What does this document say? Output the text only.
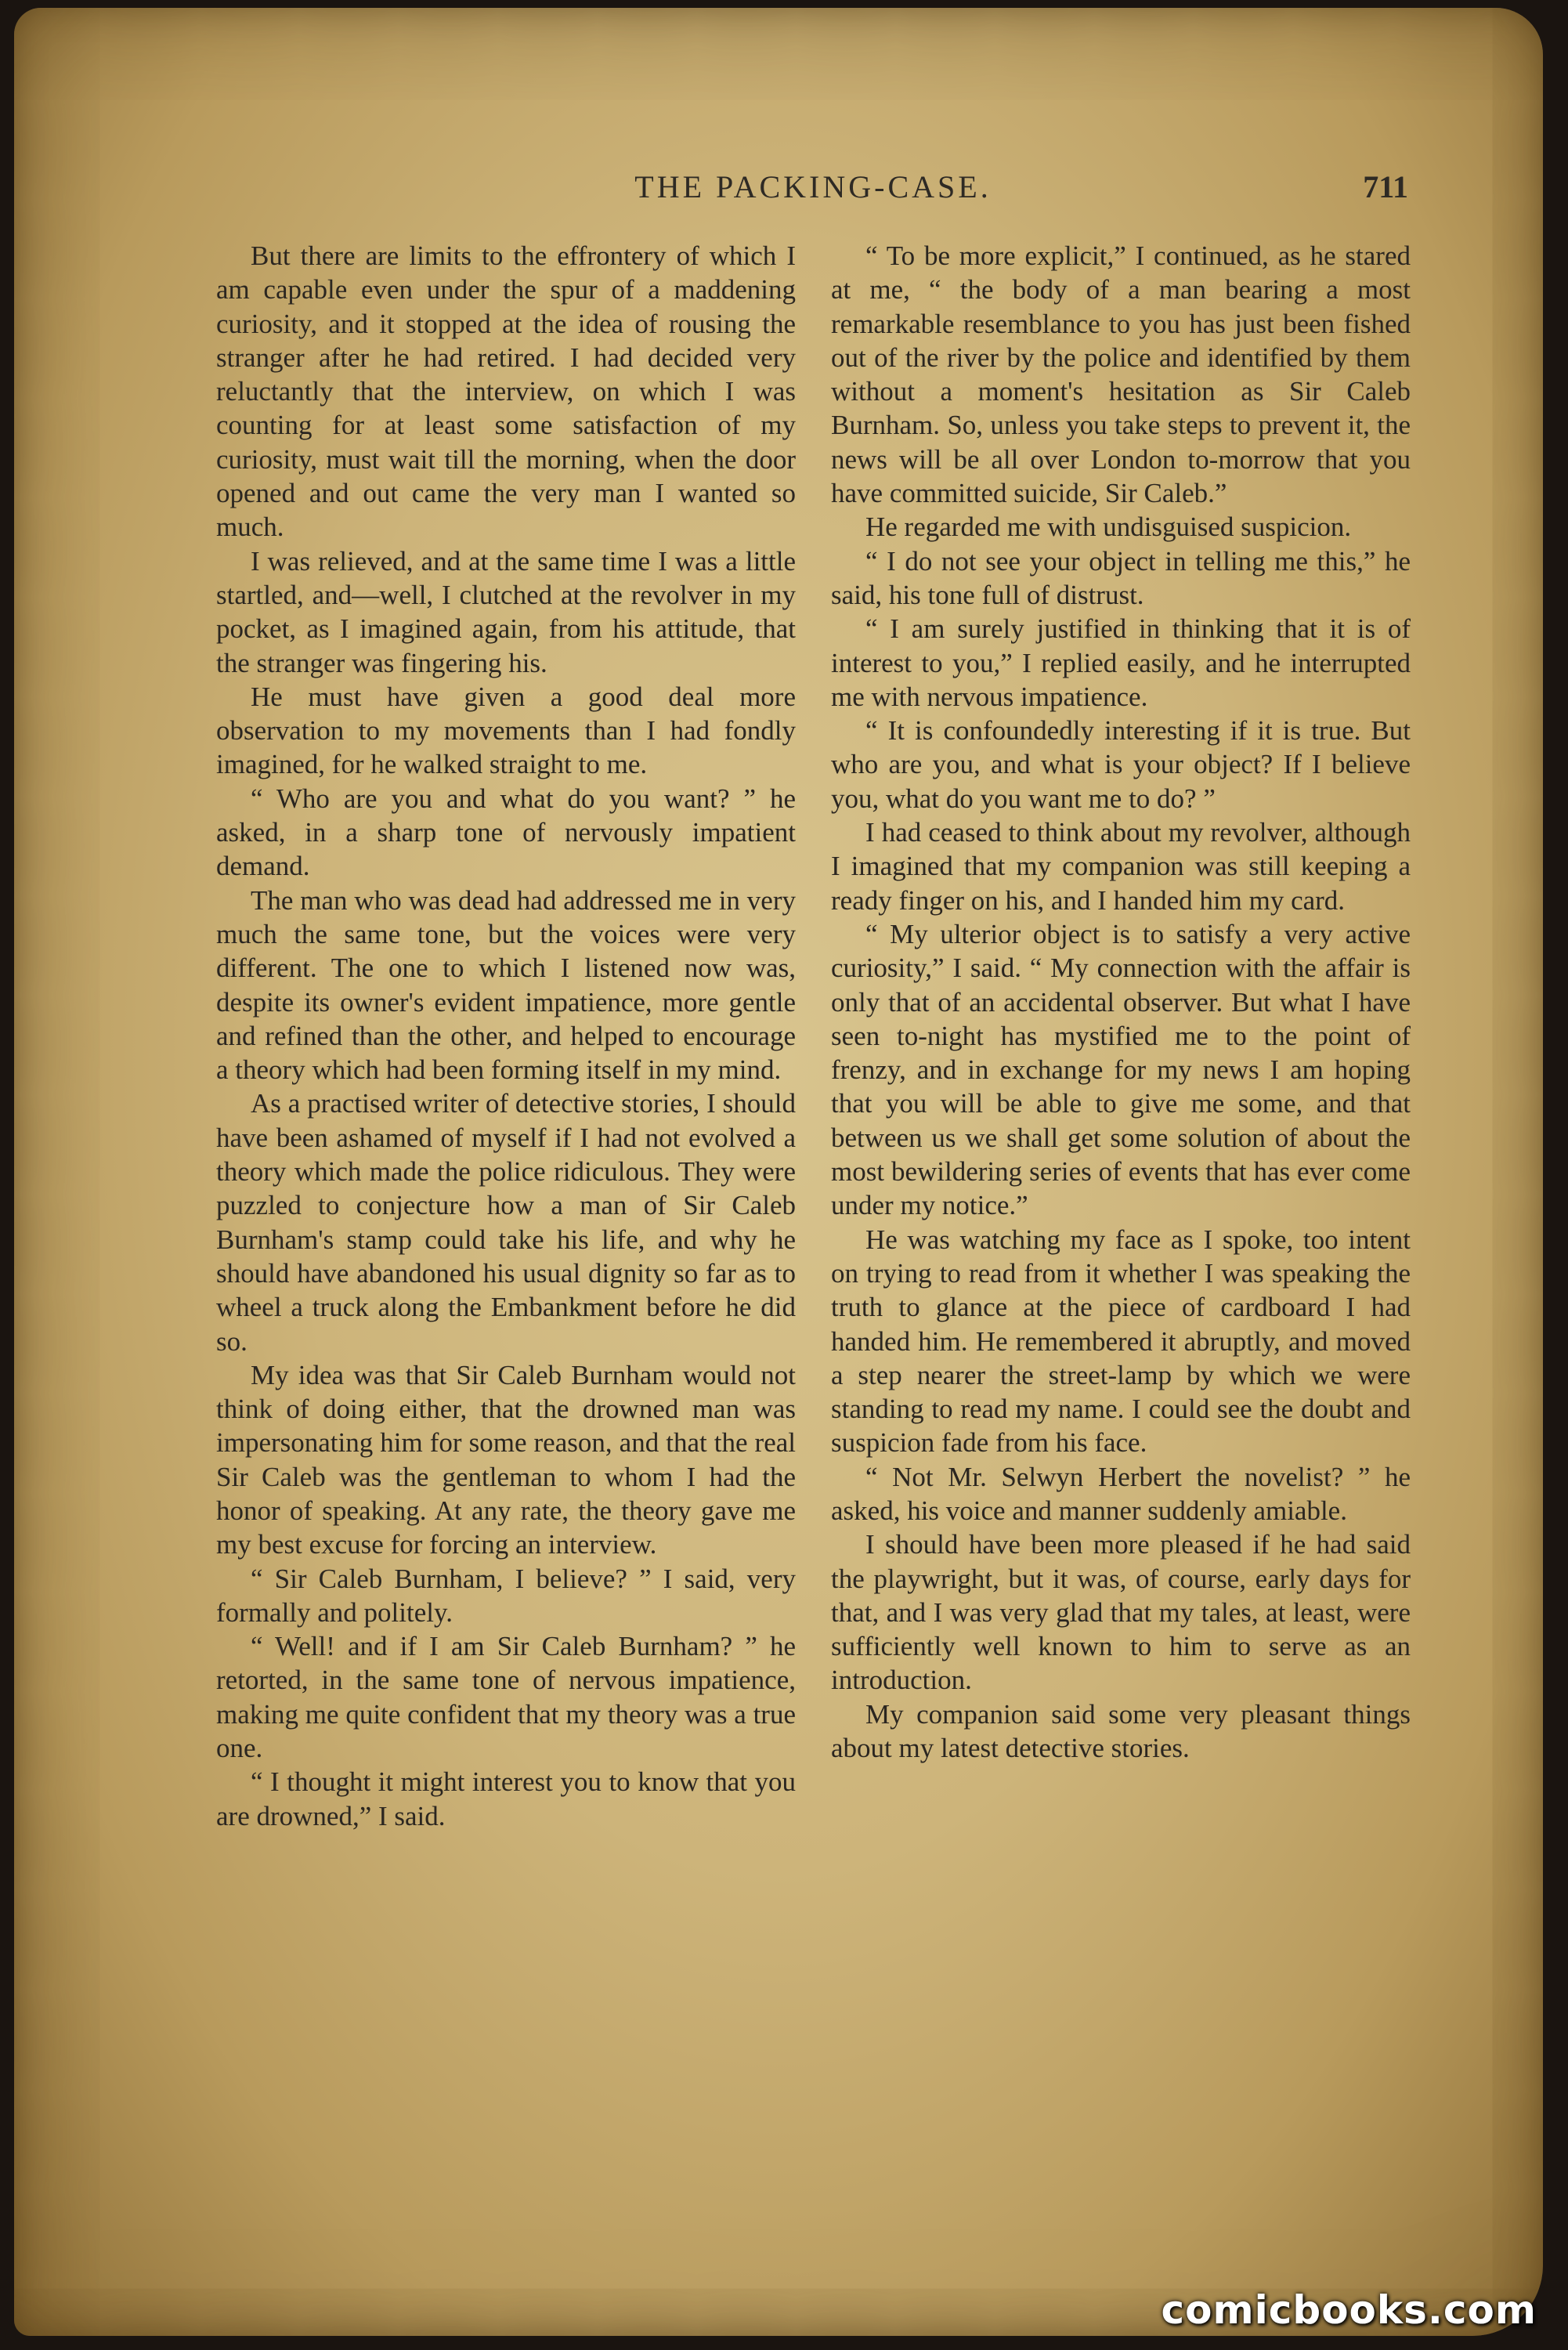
THE PACKING-CASE.	711

But there are limits to the effrontery of which I am capable even under the spur of a maddening curiosity, and it stopped at the idea of rousing the stranger after he had retired. I had decided very reluctantly that the interview, on which I was counting for at least some satisfaction of my curiosity, must wait till the morning, when the door opened and out came the very man I wanted so much.

I was relieved, and at the same time I was a little startled, and—well, I clutched at the revolver in my pocket, as I imagined again, from his attitude, that the stranger was fingering his.

He must have given a good deal more observation to my movements than I had fondly imagined, for he walked straight to me.

“ Who are you and what do you want? ” he asked, in a sharp tone of nervously impatient demand.

The man who was dead had addressed me in very much the same tone, but the voices were very different. The one to which I listened now was, despite its owner's evident impatience, more gentle and refined than the other, and helped to encourage a theory which had been forming itself in my mind.

As a practised writer of detective stories, I should have been ashamed of myself if I had not evolved a theory which made the police ridiculous. They were puzzled to conjecture how a man of Sir Caleb Burnham's stamp could take his life, and why he should have abandoned his usual dignity so far as to wheel a truck along the Embankment before he did so.

My idea was that Sir Caleb Burnham would not think of doing either, that the drowned man was impersonating him for some reason, and that the real Sir Caleb was the gentleman to whom I had the honor of speaking. At any rate, the theory gave me my best excuse for forcing an interview.

“ Sir Caleb Burnham, I believe? ” I said, very formally and politely.

“ Well! and if I am Sir Caleb Burnham? ” he retorted, in the same tone of nervous impatience, making me quite confident that my theory was a true one.

“ I thought it might interest you to know that you are drowned,” I said.

“ To be more explicit,” I continued, as he stared at me, “ the body of a man bearing a most remarkable resemblance to you has just been fished out of the river by the police and identified by them without a moment's hesitation as Sir Caleb Burnham. So, unless you take steps to prevent it, the news will be all over London to-morrow that you have committed suicide, Sir Caleb.”

He regarded me with undisguised suspicion.

“ I do not see your object in telling me this,” he said, his tone full of distrust.

“ I am surely justified in thinking that it is of interest to you,” I replied easily, and he interrupted me with nervous impatience.

“ It is confoundedly interesting if it is true. But who are you, and what is your object? If I believe you, what do you want me to do? ”

I had ceased to think about my revolver, although I imagined that my companion was still keeping a ready finger on his, and I handed him my card.

“ My ulterior object is to satisfy a very active curiosity,” I said. “ My connection with the affair is only that of an accidental observer. But what I have seen to-night has mystified me to the point of frenzy, and in exchange for my news I am hoping that you will be able to give me some, and that between us we shall get some solution of about the most bewildering series of events that has ever come under my notice.”

He was watching my face as I spoke, too intent on trying to read from it whether I was speaking the truth to glance at the piece of cardboard I had handed him. He remembered it abruptly, and moved a step nearer the street-lamp by which we were standing to read my name. I could see the doubt and suspicion fade from his face.

“ Not Mr. Selwyn Herbert the novelist? ” he asked, his voice and manner suddenly amiable.

I should have been more pleased if he had said the playwright, but it was, of course, early days for that, and I was very glad that my tales, at least, were sufficiently well known to him to serve as an introduction.

My companion said some very pleasant things about my latest detective stories.

comicbooks.com
